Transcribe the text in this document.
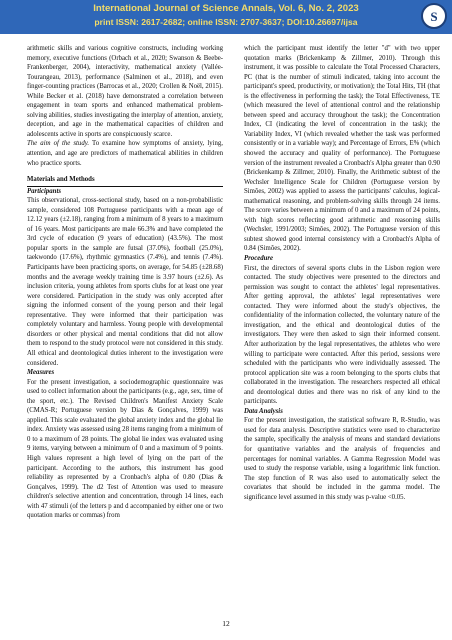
International Journal of Science Annals, Vol. 6, No. 2, 2023
print ISSN: 2617-2682; online ISSN: 2707-3637; DOI:10.26697/ijsa	S

arithmetic skills and various cognitive constructs, including working memory, executive functions (Orbach et al., 2020; Swanson & Beebe-Frankenberger, 2004), interactivity, mathematical anxiety (Vallée-Tourangeau, 2013), performance (Salminen et al., 2018), and even finger-counting practices (Barrocas et al., 2020; Crollen & Noël, 2015). While Becker et al. (2018) have demonstrated a correlation between engagement in team sports and enhanced mathematical problem-solving abilities, studies investigating the interplay of attention, anxiety, deception, and age in the mathematical capacities of children and adolescents active in sports are conspicuously scarce.

The aim of the study. To examine how symptoms of anxiety, lying, attention, and age are predictors of mathematical abilities in children who practice sports.

Materials and Methods

Participants

This observational, cross-sectional study, based on a non-probabilistic sample, considered 108 Portuguese participants with a mean age of 12.12 years (±2.18), ranging from a minimum of 8 years to a maximum of 16 years. Most participants are male 66.3% and have completed the 3rd cycle of education (9 years of education) (43.5%). The most popular sports in the sample are futsal (37.0%), football (25.0%), taekwondo (17.6%), rhythmic gymnastics (7.4%), and tennis (7.4%). Participants have been practicing sports, on average, for 54.85 (±28.68) months and the average weekly training time is 3.97 hours (±2.6). As inclusion criteria, young athletes from sports clubs for at least one year were considered. Participation in the study was only accepted after signing the informed consent of the young person and their legal representative. They were informed that their participation was completely voluntary and harmless. Young people with developmental disorders or other physical and mental conditions that did not allow them to respond to the study protocol were not considered in this study. All ethical and deontological duties inherent to the investigation were considered.

Measures

For the present investigation, a sociodemographic questionnaire was used to collect information about the participants (e.g., age, sex, time of the sport, etc.). The Revised Children's Manifest Anxiety Scale (CMAS-R; Portuguese version by Dias & Gonçalves, 1999) was applied. This scale evaluated the global anxiety index and the global lie index. Anxiety was assessed using 28 items ranging from a minimum of 0 to a maximum of 28 points. The global lie index was evaluated using 9 items, varying between a minimum of 0 and a maximum of 9 points. High values represent a high level of lying on the part of the participant. According to the authors, this instrument has good reliability as represented by a Cronbach's alpha of 0.80 (Dias & Gonçalves, 1999). The d2 Test of Attention was used to measure children's selective attention and concentration, through 14 lines, each with 47 stimuli (of the letters p and d accompanied by either one or two quotation marks or commas) from

which the participant must identify the letter "d" with two upper quotation marks (Brickenkamp & Zillmer, 2010). Through this instrument, it was possible to calculate the Total Processed Characters, PC (that is the number of stimuli indicated, taking into account the participant's speed, productivity, or motivation); the Total Hits, TH (that is the effectiveness in performing the task); the Total Effectiveness, TE (which measured the level of attentional control and the relationship between speed and accuracy throughout the task); the Concentration Index, CI (indicating the level of concentration in the task); the Variability Index, VI (which revealed whether the task was performed consistently or in a variable way); and Percentage of Errors, E% (which showed the accuracy and quality of performance). The Portuguese version of the instrument revealed a Cronbach's Alpha greater than 0.90 (Brickenkamp & Zillmer, 2010). Finally, the Arithmetic subtest of the Wechsler Intelligence Scale for Children (Portuguese version by Simões, 2002) was applied to assess the participants' calculus, logical-mathematical reasoning, and problem-solving skills through 24 items. The score varies between a minimum of 0 and a maximum of 24 points, with high scores reflecting good arithmetic and reasoning skills (Wechsler, 1991/2003; Simões, 2002). The Portuguese version of this subtest showed good internal consistency with a Cronbach's Alpha of 0.84 (Simões, 2002).

Procedure

First, the directors of several sports clubs in the Lisbon region were contacted. The study objectives were presented to the directors and permission was sought to contact the athletes' legal representatives. After getting approval, the athletes' legal representatives were contacted. They were informed about the study's objectives, the confidentiality of the information collected, the voluntary nature of the investigation, and the ethical and deontological duties of the investigators. They were then asked to sign their informed consent. After authorization by the legal representatives, the athletes who were willing to participate were contacted. After this period, sessions were scheduled with the participants who were individually assessed. The protocol application site was a room belonging to the sports clubs that collaborated in the investigation. The researchers respected all ethical and deontological duties and there was no risk of any kind to the participants.

Data Analysis

For the present investigation, the statistical software R, R-Studio, was used for data analysis. Descriptive statistics were used to characterize the sample, specifically the analysis of means and standard deviations for quantitative variables and the analysis of frequencies and percentages for nominal variables. A Gamma Regression Model was used to study the response variable, using a logarithmic link function. The step function of R was also used to automatically select the covariates that should be included in the gamma model. The significance level assumed in this study was p-value <0.05.

12
